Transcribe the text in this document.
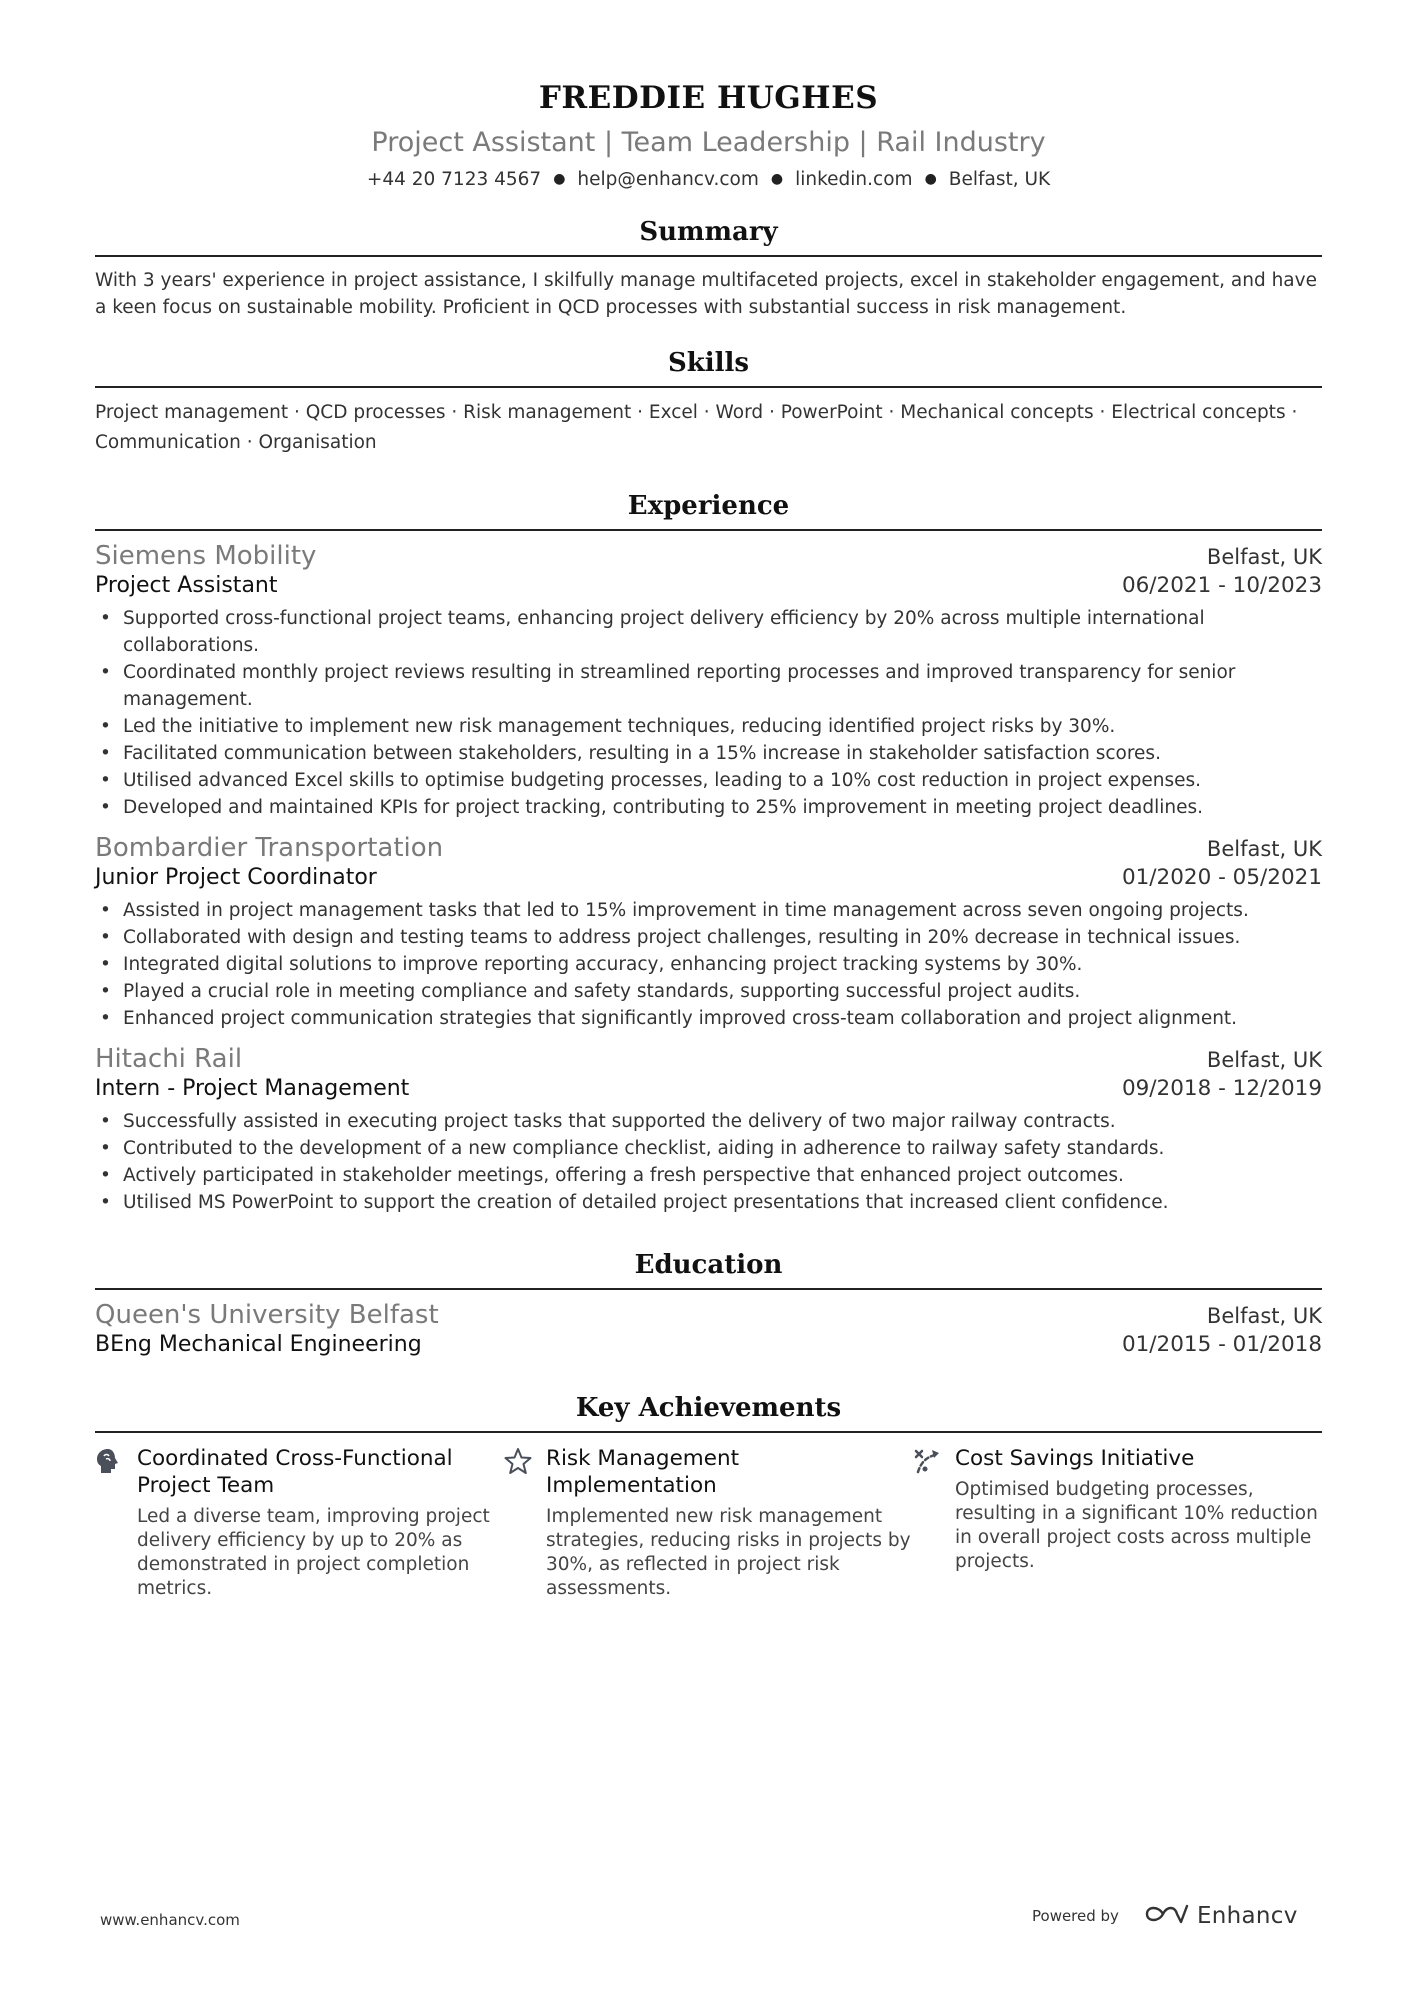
FREDDIE HUGHES
Project Assistant | Team Leadership | Rail Industry
+44 20 7123 4567 ● help@enhancv.com ● linkedin.com ● Belfast, UK
Summary
With 3 years' experience in project assistance, I skilfully manage multifaceted projects, excel in stakeholder engagement, and have a keen focus on sustainable mobility. Proficient in QCD processes with substantial success in risk management.
Skills
Project management · QCD processes · Risk management · Excel · Word · PowerPoint · Mechanical concepts · Electrical concepts · Communication · Organisation
Experience
Siemens Mobility	Belfast, UK
Project Assistant	06/2021 - 10/2023
• Supported cross-functional project teams, enhancing project delivery efficiency by 20% across multiple international collaborations.
• Coordinated monthly project reviews resulting in streamlined reporting processes and improved transparency for senior management.
• Led the initiative to implement new risk management techniques, reducing identified project risks by 30%.
• Facilitated communication between stakeholders, resulting in a 15% increase in stakeholder satisfaction scores.
• Utilised advanced Excel skills to optimise budgeting processes, leading to a 10% cost reduction in project expenses.
• Developed and maintained KPIs for project tracking, contributing to 25% improvement in meeting project deadlines.
Bombardier Transportation	Belfast, UK
Junior Project Coordinator	01/2020 - 05/2021
• Assisted in project management tasks that led to 15% improvement in time management across seven ongoing projects.
• Collaborated with design and testing teams to address project challenges, resulting in 20% decrease in technical issues.
• Integrated digital solutions to improve reporting accuracy, enhancing project tracking systems by 30%.
• Played a crucial role in meeting compliance and safety standards, supporting successful project audits.
• Enhanced project communication strategies that significantly improved cross-team collaboration and project alignment.
Hitachi Rail	Belfast, UK
Intern - Project Management	09/2018 - 12/2019
• Successfully assisted in executing project tasks that supported the delivery of two major railway contracts.
• Contributed to the development of a new compliance checklist, aiding in adherence to railway safety standards.
• Actively participated in stakeholder meetings, offering a fresh perspective that enhanced project outcomes.
• Utilised MS PowerPoint to support the creation of detailed project presentations that increased client confidence.
Education
Queen's University Belfast	Belfast, UK
BEng Mechanical Engineering	01/2015 - 01/2018
Key Achievements
Coordinated Cross-Functional Project Team
Led a diverse team, improving project delivery efficiency by up to 20% as demonstrated in project completion metrics.
Risk Management Implementation
Implemented new risk management strategies, reducing risks in projects by 30%, as reflected in project risk assessments.
Cost Savings Initiative
Optimised budgeting processes, resulting in a significant 10% reduction in overall project costs across multiple projects.
www.enhancv.com	Powered by	Enhancv
